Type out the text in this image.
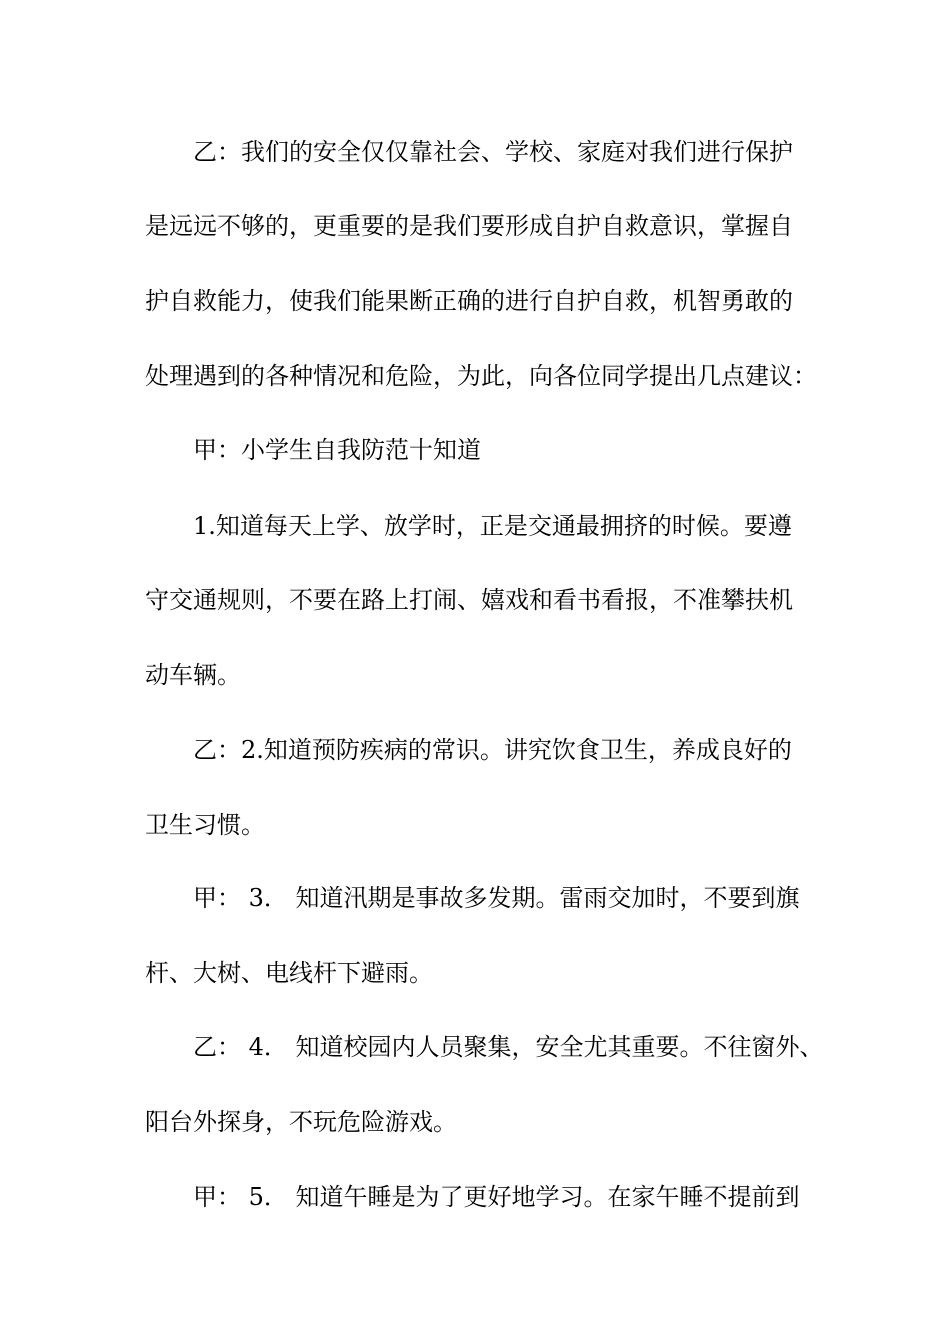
乙：我们的安全仅仅靠社会、学校、家庭对我们进行保护
是远远不够的，更重要的是我们要形成自护自救意识，掌握自
护自救能力，使我们能果断正确的进行自护自救，机智勇敢的
处理遇到的各种情况和危险，为此，向各位同学提出几点建议：
甲：小学生自我防范十知道
1.知道每天上学、放学时，正是交通最拥挤的时候。要遵
守交通规则，不要在路上打闹、嬉戏和看书看报，不准攀扶机
动车辆。
乙：2.知道预防疾病的常识。讲究饮食卫生，养成良好的
卫生习惯。
甲： 3． 知道汛期是事故多发期。雷雨交加时，不要到旗
杆、大树、电线杆下避雨。
乙： 4． 知道校园内人员聚集，安全尤其重要。不往窗外、
阳台外探身，不玩危险游戏。
甲： 5． 知道午睡是为了更好地学习。在家午睡不提前到
